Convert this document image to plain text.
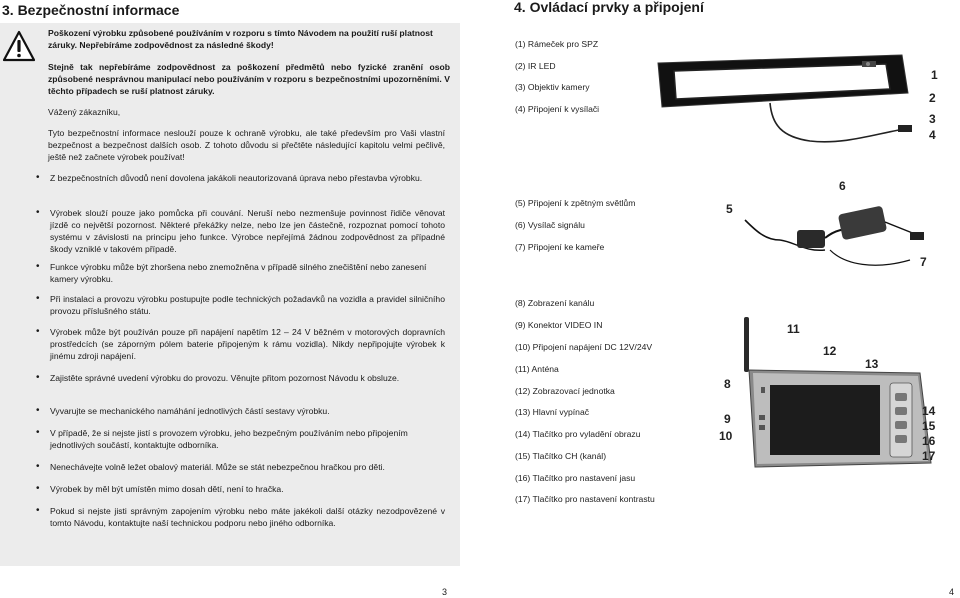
3. Bezpečnostní informace
Poškození výrobku způsobené používáním v rozporu s tímto Návodem na použití ruší platnost záruky. Nepřebíráme zodpovědnost za následné škody!
Stejně tak nepřebíráme zodpovědnost za poškození předmětů nebo fyzické zranění osob způsobené nesprávnou manipulací nebo používáním v rozporu s bezpečnostními upozorněními. V těchto případech se ruší platnost záruky.
Vážený zákazníku,
Tyto bezpečnostní informace neslouží pouze k ochraně výrobku, ale také především pro Vaši vlastní bezpečnost a bezpečnost dalších osob. Z tohoto důvodu si přečtěte následující kapitolu velmi pečlivě, ještě než začnete výrobek používat!
• Z bezpečnostních důvodů není dovolena jakákoli neautorizovaná úprava nebo přestavba výrobku.
• Výrobek slouží pouze jako pomůcka při couvání. Neruší nebo nezmenšuje povinnost řidiče věnovat jízdě co největší pozornost. Některé překážky nelze, nebo lze jen částečně, rozpoznat pomocí tohoto systému v závislosti na principu jeho funkce. Výrobce nepřejímá žádnou zodpovědnost za případné škody vzniklé v takovém případě.
• Funkce výrobku může být zhoršena nebo znemožněna v případě silného znečištění nebo zanesení kamery výrobku.
• Při instalaci a provozu výrobku postupujte podle technických požadavků na vozidla a pravidel silničního provozu příslušného státu.
• Výrobek může být používán pouze při napájení napětím 12 – 24 V běžném v motorových dopravních prostředcích (se záporným pólem baterie připojeným k rámu vozidla). Nikdy nepřipojujte výrobek k jinému zdroji napájení.
• Zajistěte správné uvedení výrobku do provozu. Věnujte přitom pozornost Návodu k obsluze.
• Vyvarujte se mechanického namáhání jednotlivých částí sestavy výrobku.
• V případě, že si nejste jistí s provozem výrobku, jeho bezpečným používáním nebo připojením jednotlivých součástí, kontaktujte odborníka.
• Nenechávejte volně ležet obalový materiál. Může se stát nebezpečnou hračkou pro děti.
• Výrobek by měl být umístěn mimo dosah dětí, není to hračka.
• Pokud si nejste jisti správným zapojením výrobku nebo máte jakékoli další otázky nezodpovězené v tomto Návodu, kontaktujte naší technickou podporu nebo jiného odborníka.
3
4. Ovládací prvky a připojení
(1) Rámeček pro SPZ
(2) IR LED
(3) Objektiv kamery
(4) Připojení k vysílači
(5) Připojení k zpětným světlům
(6) Vysílač signálu
(7) Připojení ke kameře
(8) Zobrazení kanálu
(9) Konektor VIDEO IN
(10) Připojení napájení DC 12V/24V
(11) Anténa
(12) Zobrazovací jednotka
(13) Hlavní vypínač
(14) Tlačítko pro vyladění obrazu
(15) Tlačítko CH (kanál)
(16) Tlačítko pro nastavení jasu
(17) Tlačítko pro nastavení kontrastu
1
2
3
4
6
5
7
11
12
13
8
9
10
14
15
16
17
4
